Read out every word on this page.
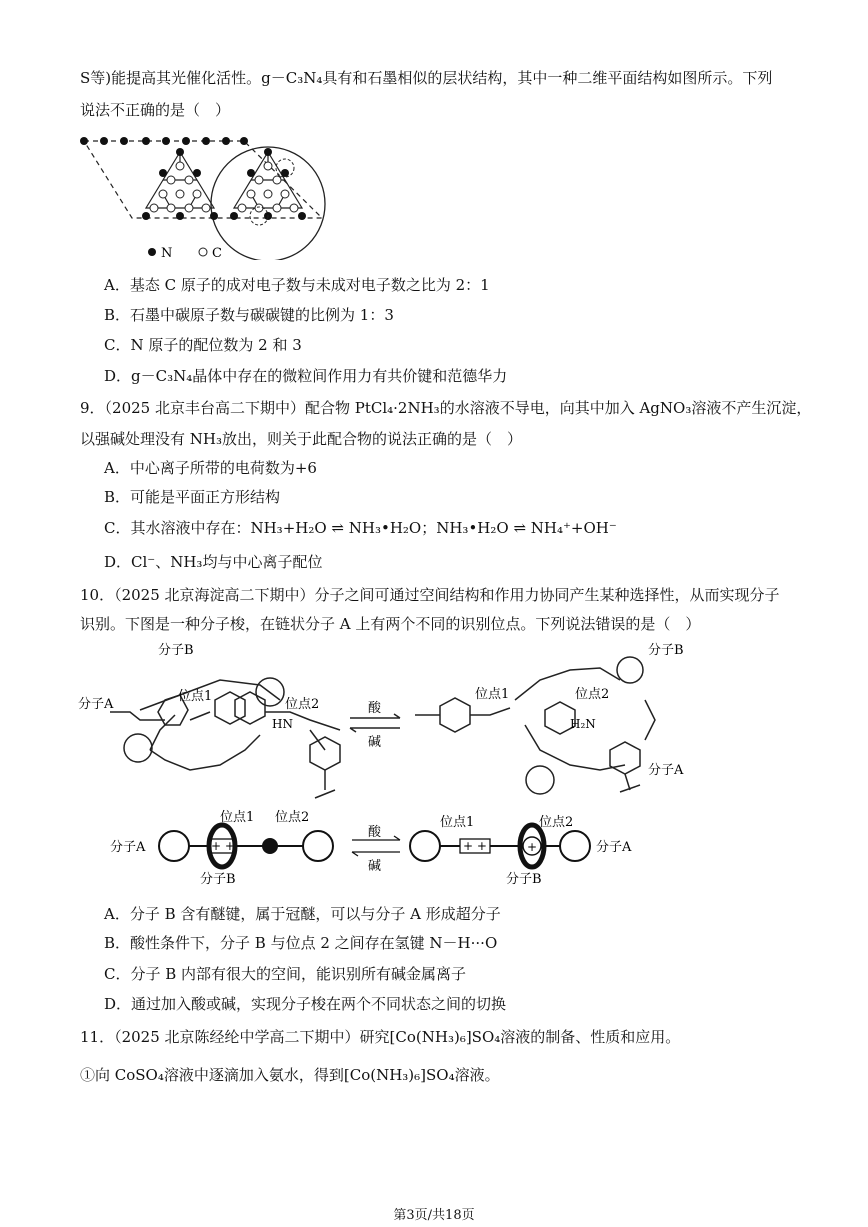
S等)能提高其光催化活性。g－C₃N₄具有和石墨相似的层状结构，其中一种二维平面结构如图所示。下列
说法不正确的是（　）
N	C
A．基态 C 原子的成对电子数与未成对电子数之比为 2：1
B．石墨中碳原子数与碳碳键的比例为 1：3
C．N 原子的配位数为 2 和 3
D．g－C₃N₄晶体中存在的微粒间作用力有共价键和范德华力
9．（2025 北京丰台高二下期中）配合物 PtCl₄·2NH₃的水溶液不导电，向其中加入 AgNO₃溶液不产生沉淀，
以强碱处理没有 NH₃放出，则关于此配合物的说法正确的是（　）
A．中心离子所带的电荷数为+6
B．可能是平面正方形结构
C．其水溶液中存在：NH₃+H₂O ⇌ NH₃•H₂O；NH₃•H₂O ⇌ NH₄⁺+OH⁻
D．Cl⁻、NH₃均与中心离子配位
10．（2025 北京海淀高二下期中）分子之间可通过空间结构和作用力协同产生某种选择性，从而实现分子
识别。下图是一种分子梭，在链状分子 A 上有两个不同的识别位点。下列说法错误的是（　）
分子B
分子A
位点1
位点2
HN
酸
碱
位点1	位点2
H₂N
分子B
分子A
+ +	+ +	+
分子A
分子B
位点1 位点2
酸
碱
位点1	位点2
分子A
分子B
A．分子 B 含有醚键，属于冠醚，可以与分子 A 形成超分子
B．酸性条件下，分子 B 与位点 2 之间存在氢键 N－H···O
C．分子 B 内部有很大的空间，能识别所有碱金属离子
D．通过加入酸或碱，实现分子梭在两个不同状态之间的切换
11．（2025 北京陈经纶中学高二下期中）研究[Co(NH₃)₆]SO₄溶液的制备、性质和应用。
①向 CoSO₄溶液中逐滴加入氨水，得到[Co(NH₃)₆]SO₄溶液。
第3页/共18页
